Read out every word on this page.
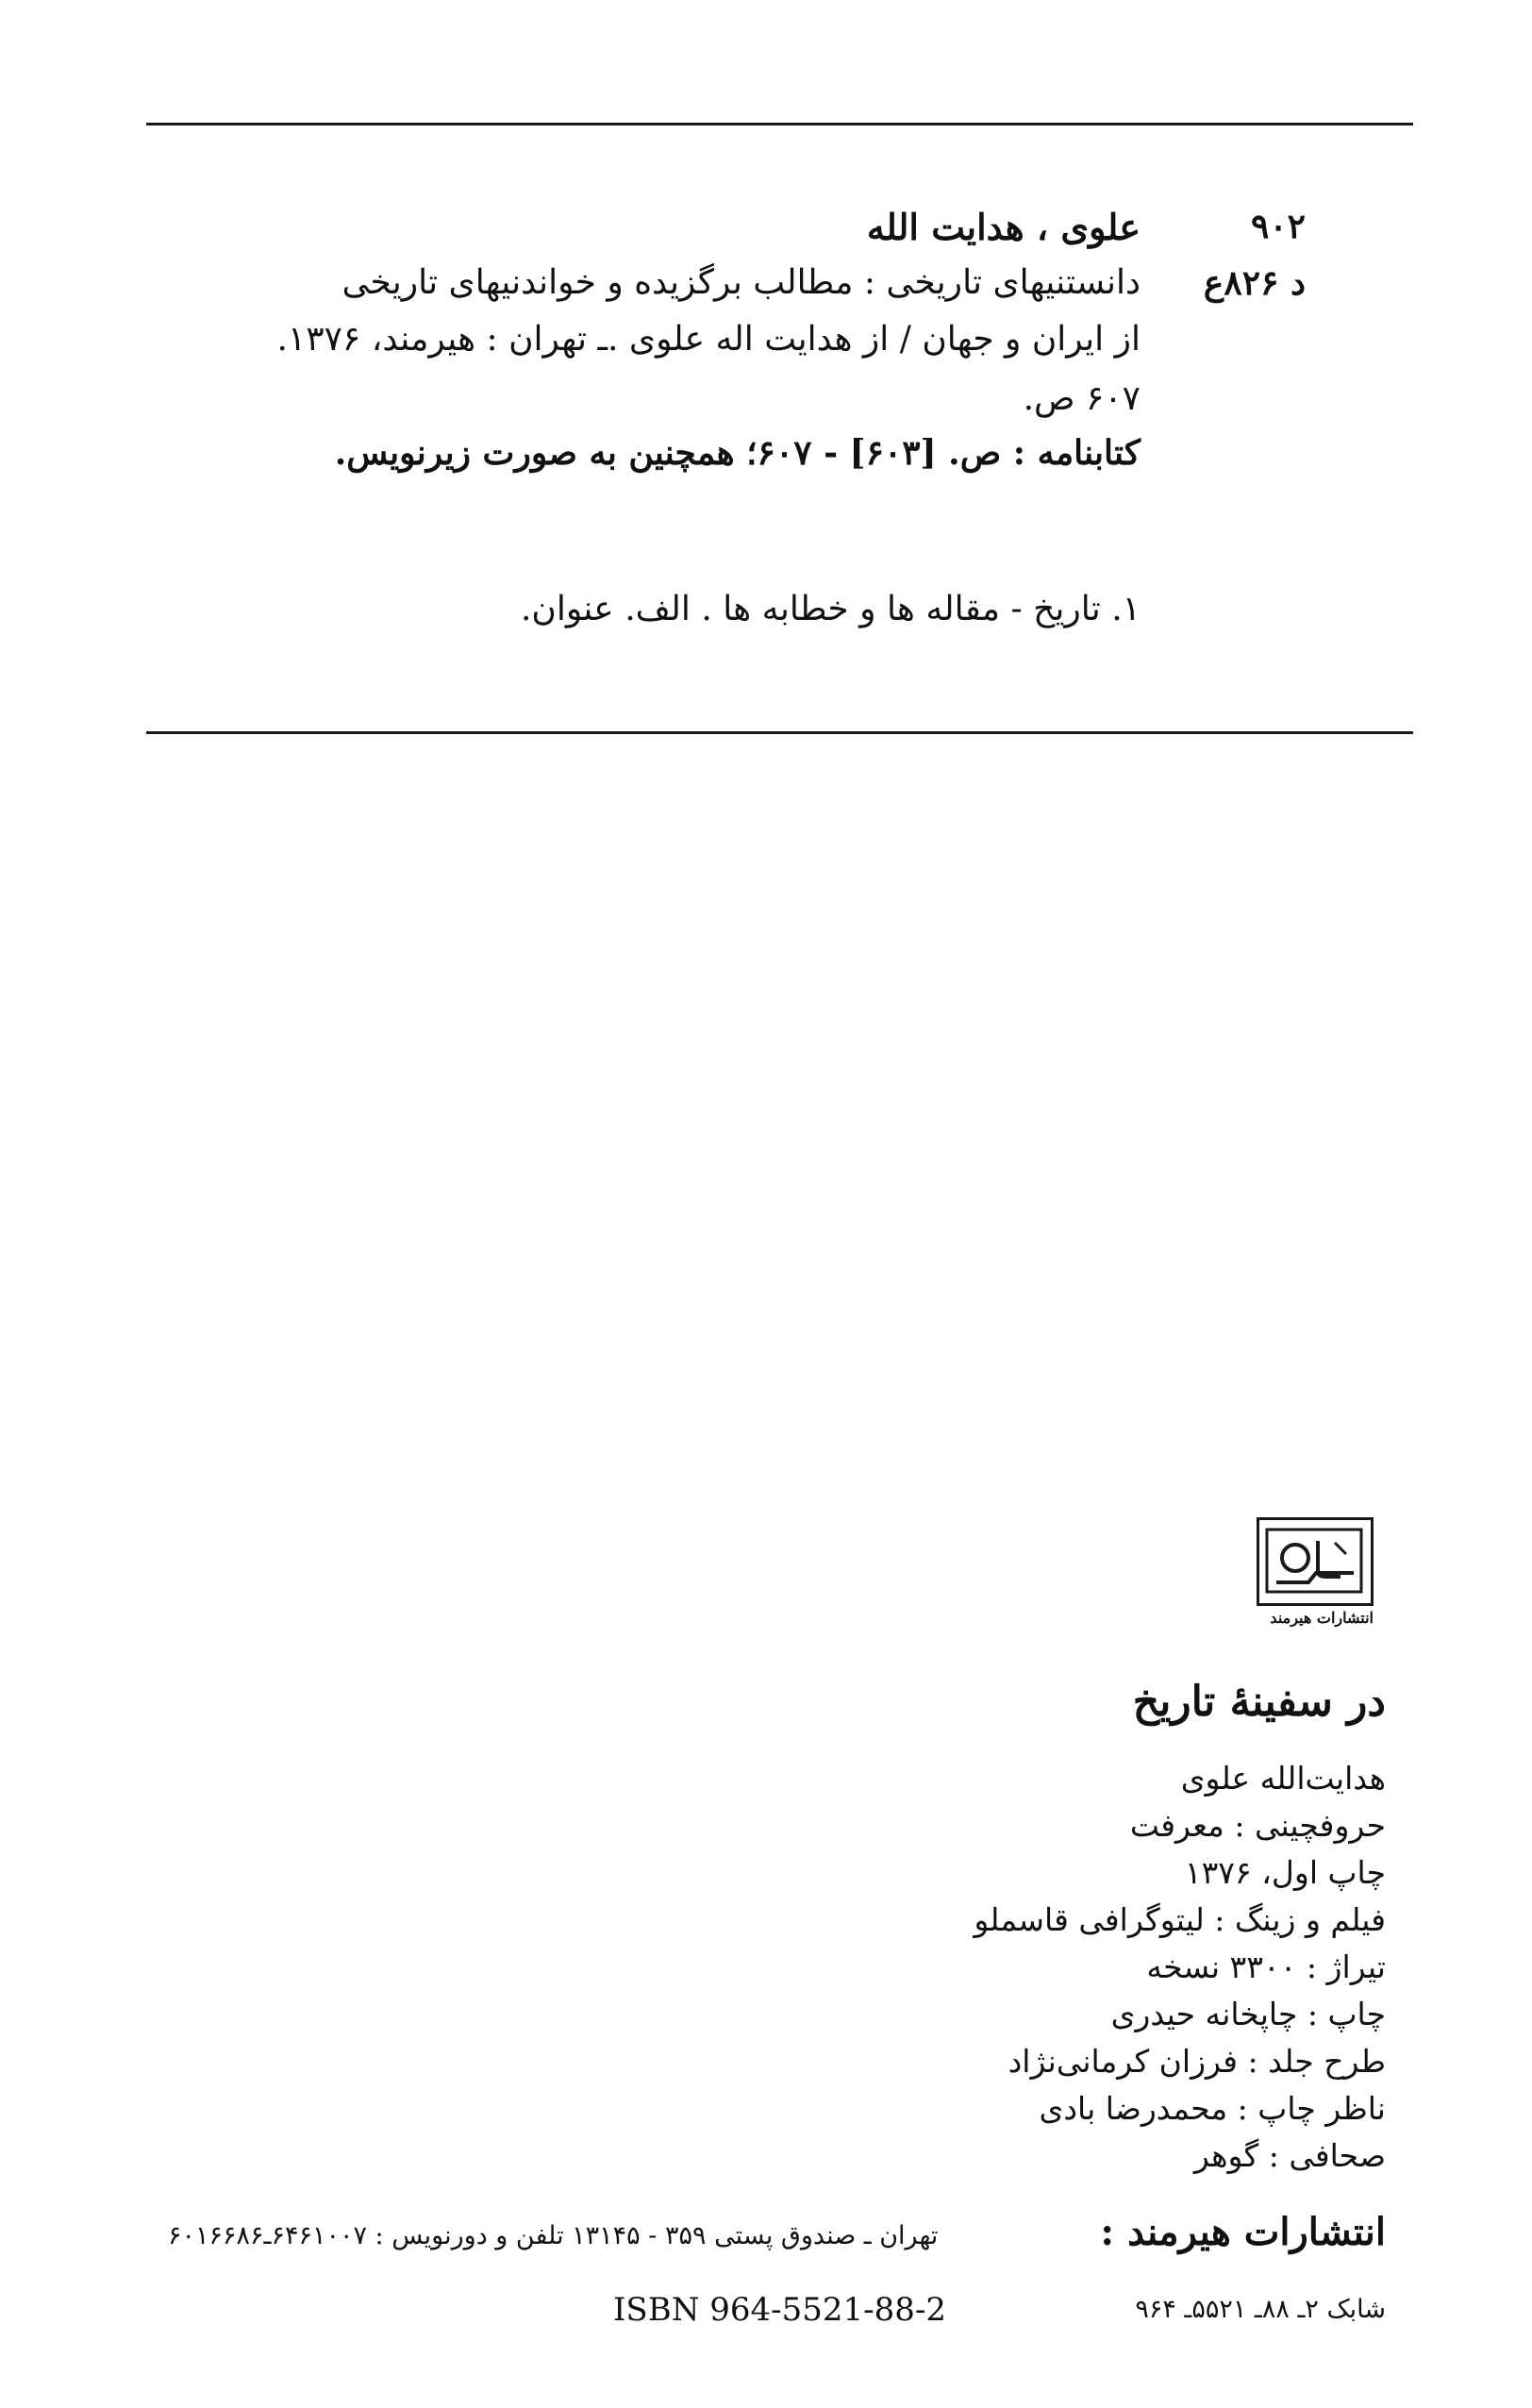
۹۰۲
د ۸۲۶ع
علوی ، هدایت الله
دانستنیهای تاریخی : مطالب برگزیده و خواندنیهای تاریخی
از ایران و جهان / از هدایت اله علوی .ـ تهران : هیرمند، ۱۳۷۶.
۶۰۷ ص.
کتابنامه : ص. [۶۰۳] - ۶۰۷؛ همچنین به صورت زیرنویس.
۱. تاریخ - مقاله ها و خطابه ها . الف. عنوان.
انتشارات هیرمند
در سفینهٔ تاریخ
هدایت‌الله علوی
حروفچینی : معرفت
چاپ اول، ۱۳۷۶
فیلم و زینگ : لیتوگرافی قاسملو
تیراژ : ۳۳۰۰ نسخه
چاپ : چاپخانه حیدری
طرح جلد : فرزان کرمانی‌نژاد
ناظر چاپ : محمدرضا بادی
صحافی : گوهر
انتشارات هیرمند :
تهران ـ صندوق پستی ۳۵۹ - ۱۳۱۴۵ تلفن و دورنویس : ۶۴۶۱۰۰۷ـ۶۰۱۶۶۸۶
شابک ۲ـ ۸۸ـ ۵۵۲۱ـ ۹۶۴
ISBN 964-5521-88-2
